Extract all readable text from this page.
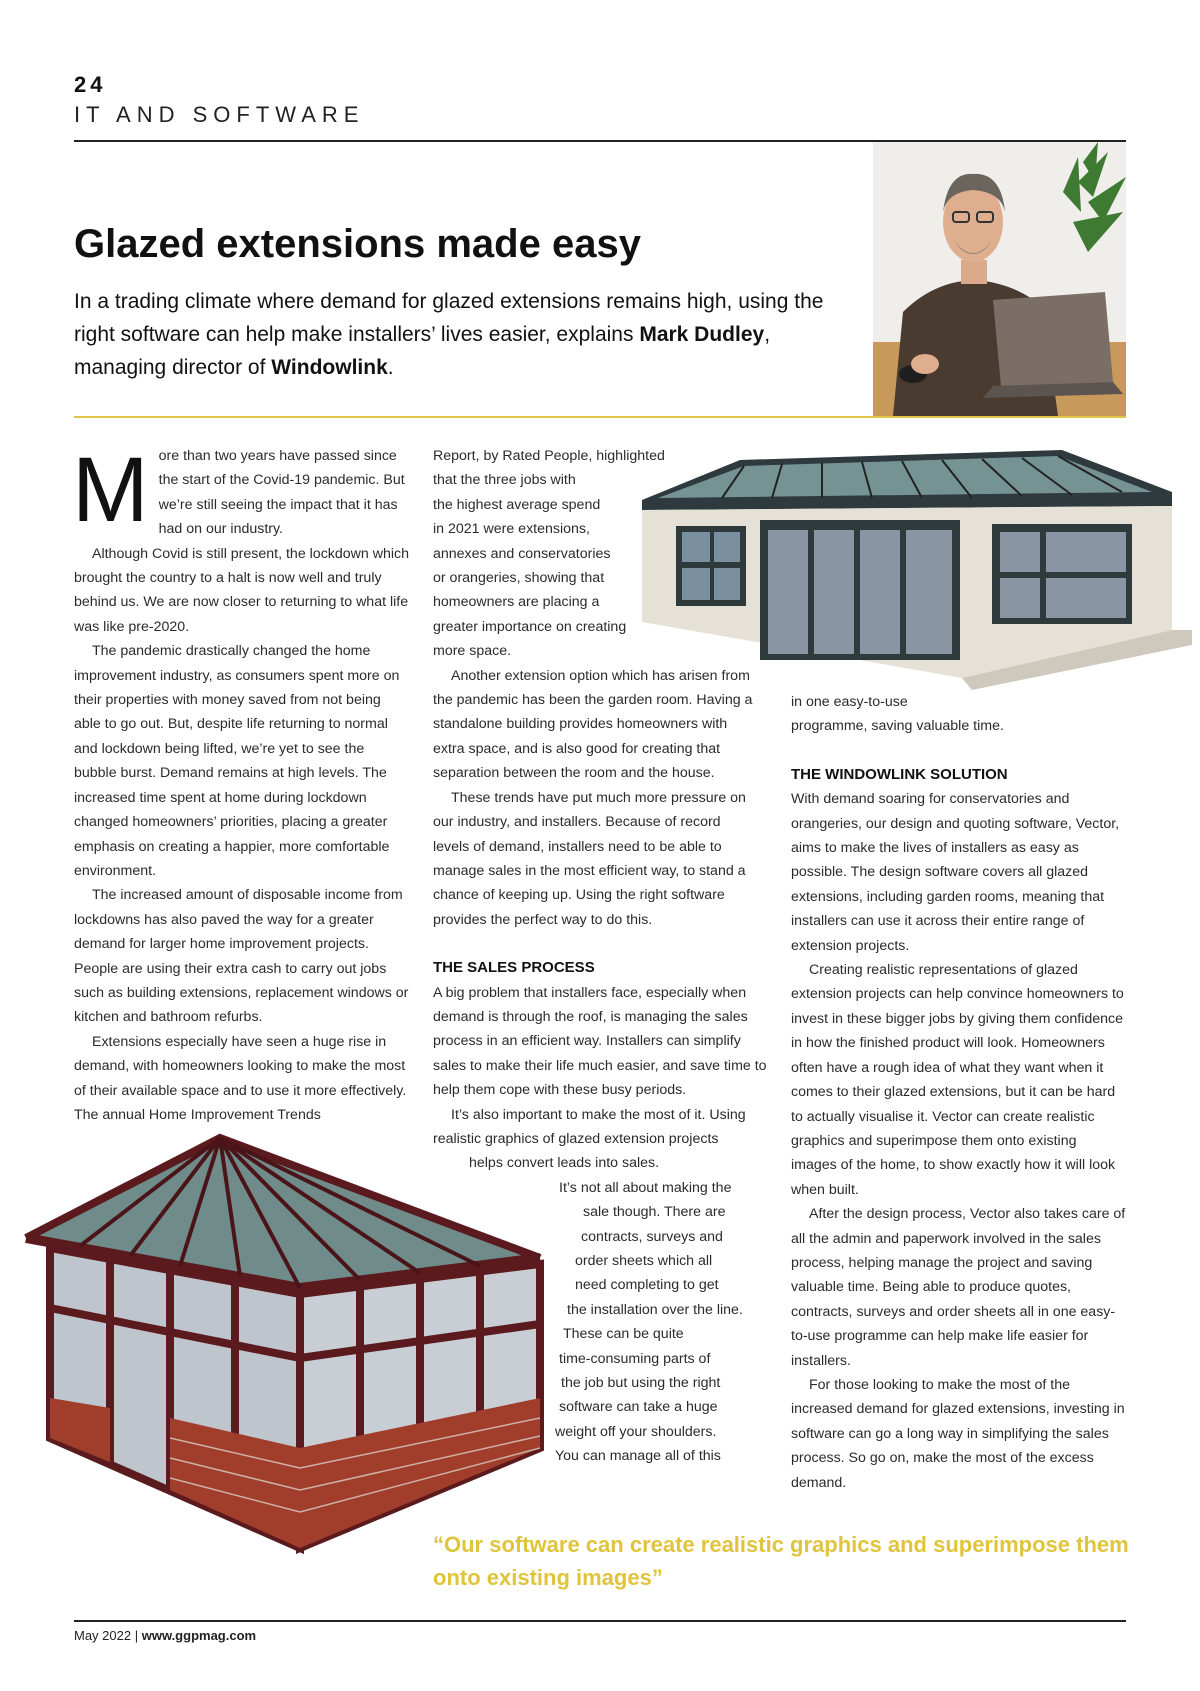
24
IT AND SOFTWARE
Glazed extensions made easy
In a trading climate where demand for glazed extensions remains high, using the right software can help make installers’ lives easier, explains Mark Dudley, managing director of Windowlink.
M ore than two years have passed since the start of the Covid-19 pandemic. But we’re still seeing the impact that it has had on our industry.

Although Covid is still present, the lockdown which brought the country to a halt is now well and truly behind us. We are now closer to returning to what life was like pre-2020.

The pandemic drastically changed the home improvement industry, as consumers spent more on their properties with money saved from not being able to go out. But, despite life returning to normal and lockdown being lifted, we’re yet to see the bubble burst. Demand remains at high levels. The increased time spent at home during lockdown changed homeowners’ priorities, placing a greater emphasis on creating a happier, more comfortable environment.

The increased amount of disposable income from lockdowns has also paved the way for a greater demand for larger home improvement projects. People are using their extra cash to carry out jobs such as building extensions, replacement windows or kitchen and bathroom refurbs.

Extensions especially have seen a huge rise in demand, with homeowners looking to make the most of their available space and to use it more effectively. The annual Home Improvement Trends

Report, by Rated People, highlighted
that the three jobs with
the highest average spend
in 2021 were extensions,
annexes and conservatories
or orangeries, showing that
homeowners are placing a
greater importance on creating
more space.

Another extension option which has arisen from the pandemic has been the garden room. Having a standalone building provides homeowners with extra space, and is also good for creating that separation between the room and the house.

These trends have put much more pressure on our industry, and installers. Because of record levels of demand, installers need to be able to manage sales in the most efficient way, to stand a chance of keeping up. Using the right software provides the perfect way to do this.

THE SALES PROCESS

A big problem that installers face, especially when demand is through the roof, is managing the sales process in an efficient way. Installers can simplify sales to make their life much easier, and save time to help them cope with these busy periods.

It’s also important to make the most of it. Using realistic graphics of glazed extension projects

helps convert leads into sales.
It’s not all about making the
sale though. There are
contracts, surveys and
order sheets which all
need completing to get
the installation over the line.
These can be quite
time-consuming parts of
the job but using the right
software can take a huge
weight off your shoulders.
You can manage all of this
in one easy-to-use
programme, saving valuable time.
THE WINDOWLINK SOLUTION

With demand soaring for conservatories and orangeries, our design and quoting software, Vector, aims to make the lives of installers as easy as possible. The design software covers all glazed extensions, including garden rooms, meaning that installers can use it across their entire range of extension projects.

Creating realistic representations of glazed extension projects can help convince homeowners to invest in these bigger jobs by giving them confidence in how the finished product will look. Homeowners often have a rough idea of what they want when it comes to their glazed extensions, but it can be hard to actually visualise it. Vector can create realistic graphics and superimpose them onto existing images of the home, to show exactly how it will look when built.

After the design process, Vector also takes care of all the admin and paperwork involved in the sales process, helping manage the project and saving valuable time. Being able to produce quotes, contracts, surveys and order sheets all in one easy-to-use programme can help make life easier for installers.

For those looking to make the most of the increased demand for glazed extensions, investing in software can go a long way in simplifying the sales process. So go on, make the most of the excess demand.

“Our software can create realistic graphics and superimpose them onto existing images”
May 2022 | www.ggpmag.com
